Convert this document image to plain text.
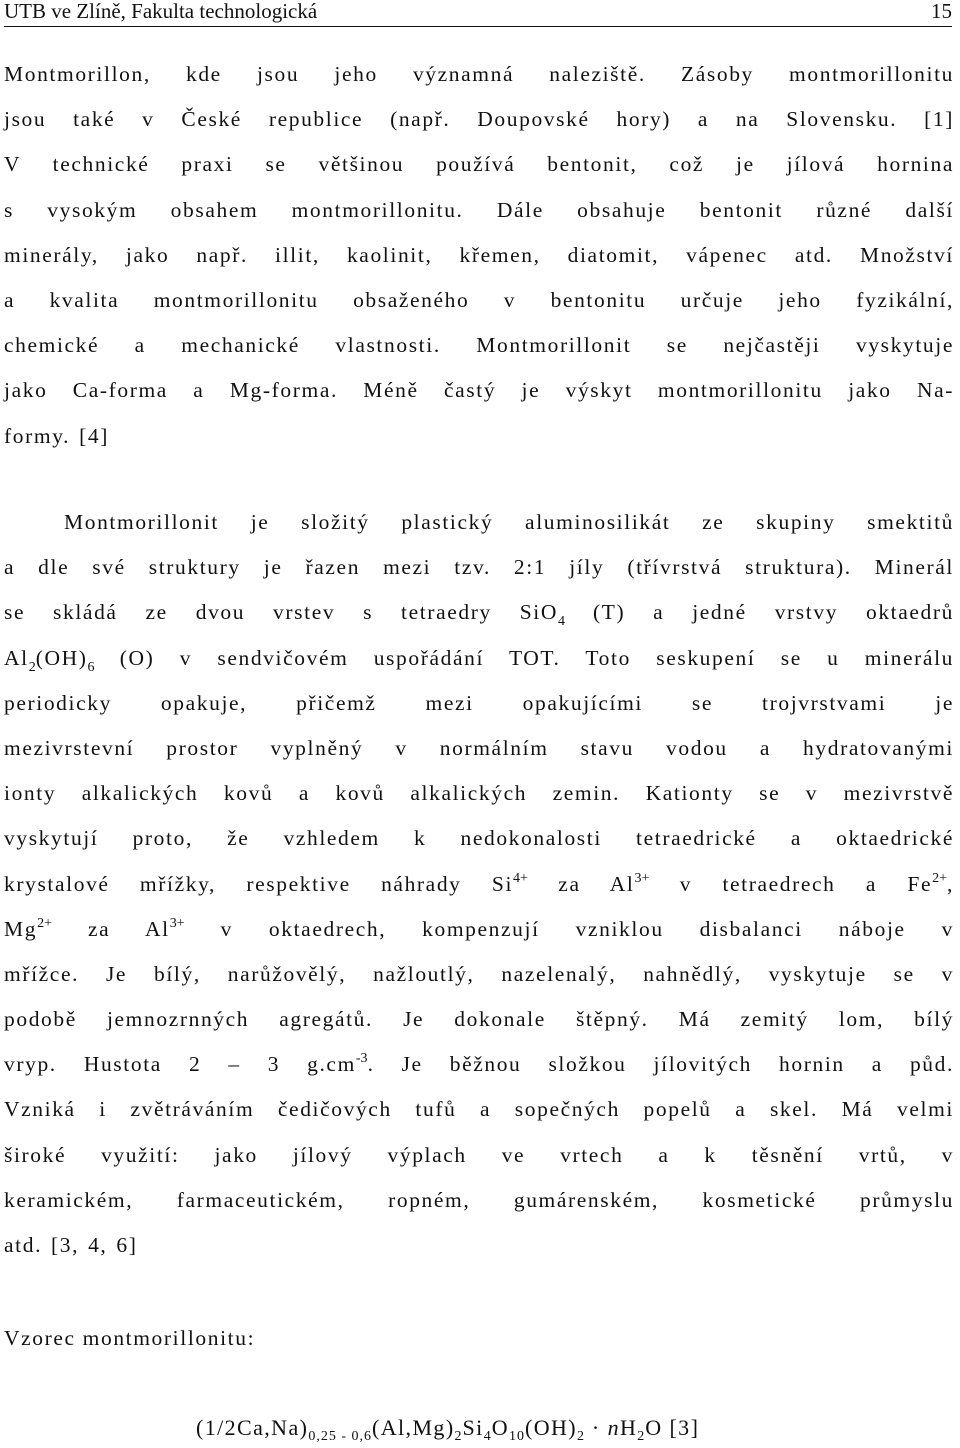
UTB ve Zlíně, Fakulta technologická	15
Montmorillon, kde jsou jeho významná naleziště. Zásoby montmorillonitu
jsou také v České republice (např. Doupovské hory) a na Slovensku. [1]
V technické praxi se většinou používá bentonit, což je jílová hornina
s vysokým obsahem montmorillonitu. Dále obsahuje bentonit různé další
minerály, jako např. illit, kaolinit, křemen, diatomit, vápenec atd. Množství
a kvalita montmorillonitu obsaženého v bentonitu určuje jeho fyzikální,
chemické a mechanické vlastnosti. Montmorillonit se nejčastěji vyskytuje
jako Ca-forma a Mg-forma. Méně častý je výskyt montmorillonitu jako Na-
formy. [4]
Montmorillonit je složitý plastický aluminosilikát ze skupiny smektitů
a dle své struktury je řazen mezi tzv. 2:1 jíly (třívrstvá struktura). Minerál
se skládá ze dvou vrstev s tetraedry SiO$_4$ (T) a jedné vrstvy oktaedrů
$Al_2(OH)_6$ (O) v sendvičovém uspořádání TOT. Toto seskupení se u minerálu
periodicky opakuje, přičemž mezi opakujícími se trojvrstvami je
mezivrstevní prostor vyplněný v normálním stavu vodou a hydratovanými
ionty alkalických kovů a kovů alkalických zemin. Kationty se v mezivrstvě
vyskytují proto, že vzhledem k nedokonalosti tetraedrické a oktaedrické
krystalové mřížky, respektive náhrady $Si^{4+}$ za $Al^{3+}$ v tetraedrech a $Fe^{2+}$,
$Mg^{2+}$ za $Al^{3+}$ v oktaedrech, kompenzují vzniklou disbalanci náboje v
mřížce. Je bílý, narůžovělý, nažloutlý, nazelenalý, nahnědlý, vyskytuje se v
podobě jemnozrnných agregátů. Je dokonale štěpný. Má zemitý lom, bílý
vryp. Hustota 2 – 3 $g.cm^{-3}$. Je běžnou složkou jílovitých hornin a půd.
Vzniká i zvětráváním čedičových tufů a sopečných popelů a skel. Má velmi
široké využití: jako jílový výplach ve vrtech a k těsnění vrtů, v
keramickém, farmaceutickém, ropném, gumárenském, kosmetické průmyslu
atd. [3, 4, 6]
Vzorec montmorillonitu:
$(1/2Ca,Na)_{0,25 - 0,6}(Al,Mg)_2Si_4O_{10}(OH)_2 \cdot nH_2O$ [3]
